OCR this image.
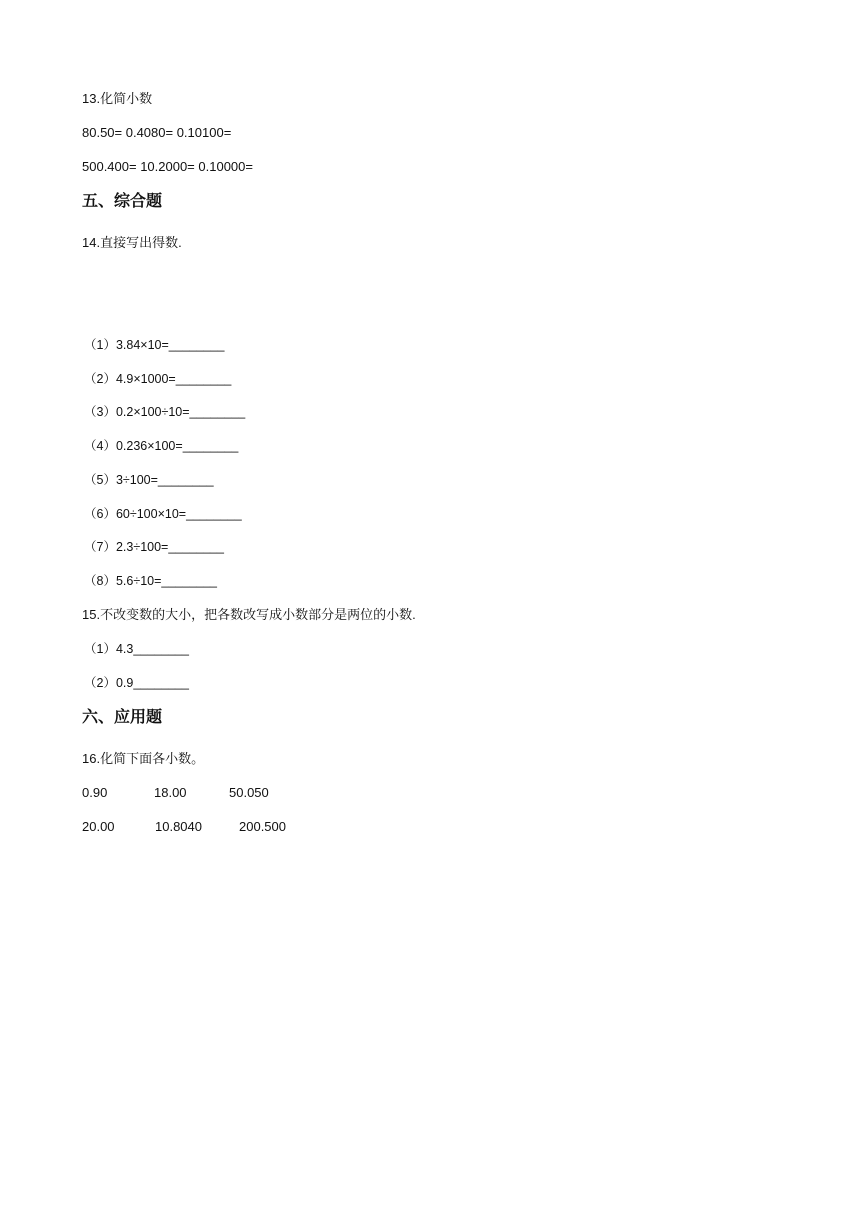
13.化简小数
80.50= 0.4080= 0.10100=
500.400= 10.2000= 0.10000=
五、综合题
14.直接写出得数.
（1）3.84×10=________
（2）4.9×1000=________
（3）0.2×100÷10=________
（4）0.236×100=________
（5）3÷100=________
（6）60÷100×10=________
（7）2.3÷100=________
（8）5.6÷10=________
15.不改变数的大小，把各数改写成小数部分是两位的小数.
（1）4.3________
（2）0.9________
六、应用题
16.化简下面各小数。
0.90	18.00	50.050
20.00	10.8040	200.500
